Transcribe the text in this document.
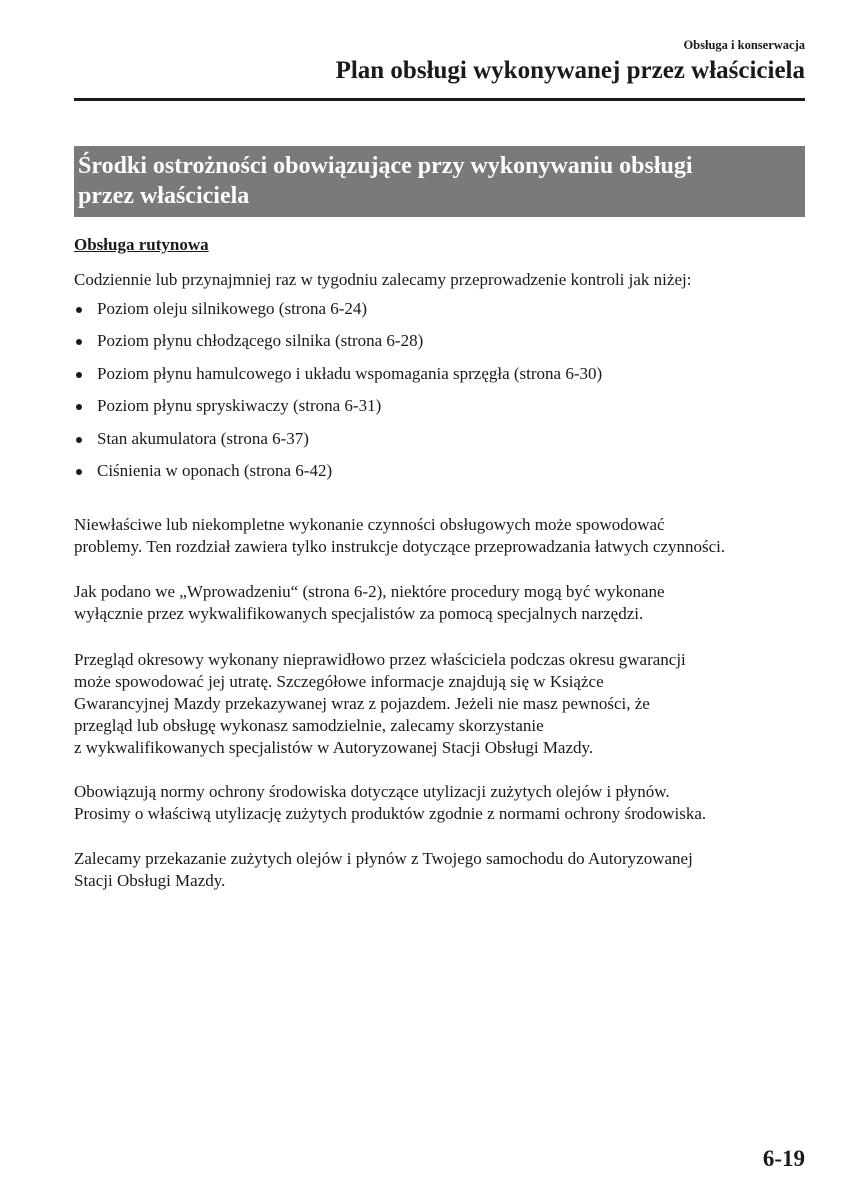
Obsługa i konserwacja
Plan obsługi wykonywanej przez właściciela
Środki ostrożności obowiązujące przy wykonywaniu obsługi
przez właściciela
Obsługa rutynowa
Codziennie lub przynajmniej raz w tygodniu zalecamy przeprowadzenie kontroli jak niżej:
Poziom oleju silnikowego (strona 6-24)
Poziom płynu chłodzącego silnika (strona 6-28)
Poziom płynu hamulcowego i układu wspomagania sprzęgła (strona 6-30)
Poziom płynu spryskiwaczy (strona 6-31)
Stan akumulatora (strona 6-37)
Ciśnienia w oponach (strona 6-42)
Niewłaściwe lub niekompletne wykonanie czynności obsługowych może spowodować
problemy. Ten rozdział zawiera tylko instrukcje dotyczące przeprowadzania łatwych czynności.
Jak podano we „Wprowadzeniu“ (strona 6-2), niektóre procedury mogą być wykonane
wyłącznie przez wykwalifikowanych specjalistów za pomocą specjalnych narzędzi.
Przegląd okresowy wykonany nieprawidłowo przez właściciela podczas okresu gwarancji
może spowodować jej utratę. Szczegółowe informacje znajdują się w Książce
Gwarancyjnej Mazdy przekazywanej wraz z pojazdem. Jeżeli nie masz pewności, że
przegląd lub obsługę wykonasz samodzielnie, zalecamy skorzystanie
z wykwalifikowanych specjalistów w Autoryzowanej Stacji Obsługi Mazdy.
Obowiązują normy ochrony środowiska dotyczące utylizacji zużytych olejów i płynów.
Prosimy o właściwą utylizację zużytych produktów zgodnie z normami ochrony środowiska.
Zalecamy przekazanie zużytych olejów i płynów z Twojego samochodu do Autoryzowanej
Stacji Obsługi Mazdy.
6-19
